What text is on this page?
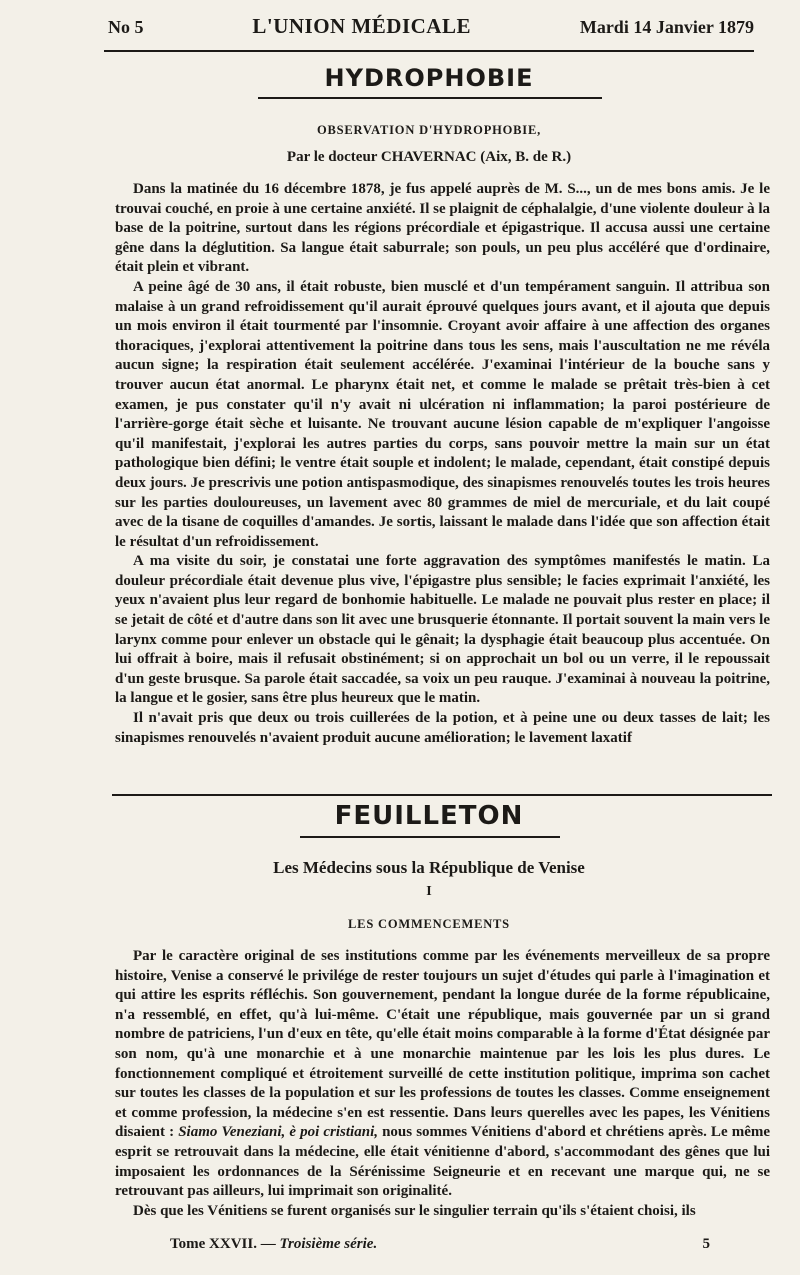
No 5	L'UNION MÉDICALE	Mardi 14 Janvier 1879
HYDROPHOBIE
OBSERVATION D'HYDROPHOBIE,
Par le docteur CHAVERNAC (Aix, B. de R.)

Dans la matinée du 16 décembre 1878, je fus appelé auprès de M. S..., un de mes bons amis. Je le trouvai couché, en proie à une certaine anxiété. Il se plaignit de céphalalgie, d'une violente douleur à la base de la poitrine, surtout dans les régions précordiale et épigastrique. Il accusa aussi une certaine gêne dans la déglutition. Sa langue était saburrale; son pouls, un peu plus accéléré que d'ordinaire, était plein et vibrant.

A peine âgé de 30 ans, il était robuste, bien musclé et d'un tempérament sanguin. Il attribua son malaise à un grand refroidissement qu'il aurait éprouvé quelques jours avant, et il ajouta que depuis un mois environ il était tourmenté par l'insomnie. Croyant avoir affaire à une affection des organes thoraciques, j'explorai attentivement la poitrine dans tous les sens, mais l'auscultation ne me révéla aucun signe; la respiration était seulement accélérée. J'examinai l'intérieur de la bouche sans y trouver aucun état anormal. Le pharynx était net, et comme le malade se prêtait très-bien à cet examen, je pus constater qu'il n'y avait ni ulcération ni inflammation; la paroi postérieure de l'arrière-gorge était sèche et luisante. Ne trouvant aucune lésion capable de m'expliquer l'angoisse qu'il manifestait, j'explorai les autres parties du corps, sans pouvoir mettre la main sur un état pathologique bien défini; le ventre était souple et indolent; le malade, cependant, était constipé depuis deux jours. Je prescrivis une potion antispasmodique, des sinapismes renouvelés toutes les trois heures sur les parties douloureuses, un lavement avec 80 grammes de miel de mercuriale, et du lait coupé avec de la tisane de coquilles d'amandes. Je sortis, laissant le malade dans l'idée que son affection était le résultat d'un refroidissement.

A ma visite du soir, je constatai une forte aggravation des symptômes manifestés le matin. La douleur précordiale était devenue plus vive, l'épigastre plus sensible; le facies exprimait l'anxiété, les yeux n'avaient plus leur regard de bonhomie habituelle. Le malade ne pouvait plus rester en place; il se jetait de côté et d'autre dans son lit avec une brusquerie étonnante. Il portait souvent la main vers le larynx comme pour enlever un obstacle qui le gênait; la dysphagie était beaucoup plus accentuée. On lui offrait à boire, mais il refusait obstinément; si on approchait un bol ou un verre, il le repoussait d'un geste brusque. Sa parole était saccadée, sa voix un peu rauque. J'examinai à nouveau la poitrine, la langue et le gosier, sans être plus heureux que le matin.

Il n'avait pris que deux ou trois cuillerées de la potion, et à peine une ou deux tasses de lait; les sinapismes renouvelés n'avaient produit aucune amélioration; le lavement laxatif

FEUILLETON
Les Médecins sous la République de Venise
I
LES COMMENCEMENTS

Par le caractère original de ses institutions comme par les événements merveilleux de sa propre histoire, Venise a conservé le privilége de rester toujours un sujet d'études qui parle à l'imagination et qui attire les esprits réfléchis. Son gouvernement, pendant la longue durée de la forme républicaine, n'a ressemblé, en effet, qu'à lui-même. C'était une république, mais gouvernée par un si grand nombre de patriciens, l'un d'eux en tête, qu'elle était moins comparable à la forme d'État désignée par son nom, qu'à une monarchie et à une monarchie maintenue par les lois les plus dures. Le fonctionnement compliqué et étroitement surveillé de cette institution politique, imprima son cachet sur toutes les classes de la population et sur les professions de toutes les classes. Comme enseignement et comme profession, la médecine s'en est ressentie. Dans leurs querelles avec les papes, les Vénitiens disaient : Siamo Veneziani, è poi cristiani, nous sommes Vénitiens d'abord et chrétiens après. Le même esprit se retrouvait dans la médecine, elle était vénitienne d'abord, s'accommodant des gênes que lui imposaient les ordonnances de la Sérénissime Seigneurie et en recevant une marque qui, ne se retrouvant pas ailleurs, lui imprimait son originalité.

Dès que les Vénitiens se furent organisés sur le singulier terrain qu'ils s'étaient choisi, ils

Tome XXVII. — Troisième série.	5
